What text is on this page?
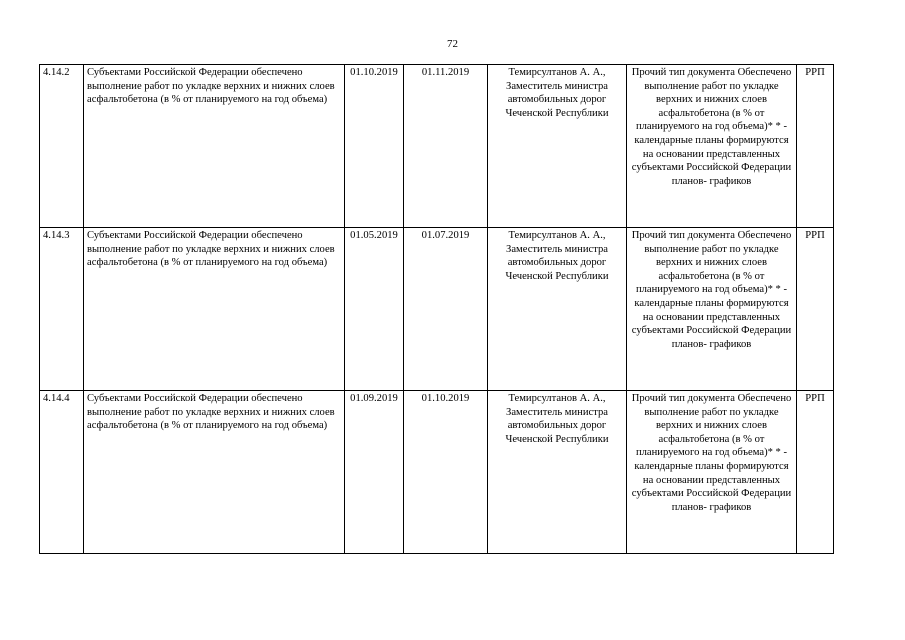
72
4.14.2	Субъектами Российской Федерации обеспечено выполнение работ по укладке верхних и нижних слоев асфальтобетона (в % от планируемого на год объема)	01.10.2019	01.11.2019	Темирсултанов А. А., Заместитель министра автомобильных дорог Чеченской Республики	Прочий тип документа Обеспечено выполнение работ по укладке верхних и нижних слоев асфальтобетона (в % от планируемого на год объема)* * - календарные планы формируются на основании представленных субъектами Российской Федерации планов- графиков	РРП
4.14.3	Субъектами Российской Федерации обеспечено выполнение работ по укладке верхних и нижних слоев асфальтобетона (в % от планируемого на год объема)	01.05.2019	01.07.2019	Темирсултанов А. А., Заместитель министра автомобильных дорог Чеченской Республики	Прочий тип документа Обеспечено выполнение работ по укладке верхних и нижних слоев асфальтобетона (в % от планируемого на год объема)* * - календарные планы формируются на основании представленных субъектами Российской Федерации планов- графиков	РРП
4.14.4	Субъектами Российской Федерации обеспечено выполнение работ по укладке верхних и нижних слоев асфальтобетона (в % от планируемого на год объема)	01.09.2019	01.10.2019	Темирсултанов А. А., Заместитель министра автомобильных дорог Чеченской Республики	Прочий тип документа Обеспечено выполнение работ по укладке верхних и нижних слоев асфальтобетона (в % от планируемого на год объема)* * - календарные планы формируются на основании представленных субъектами Российской Федерации планов- графиков	РРП
